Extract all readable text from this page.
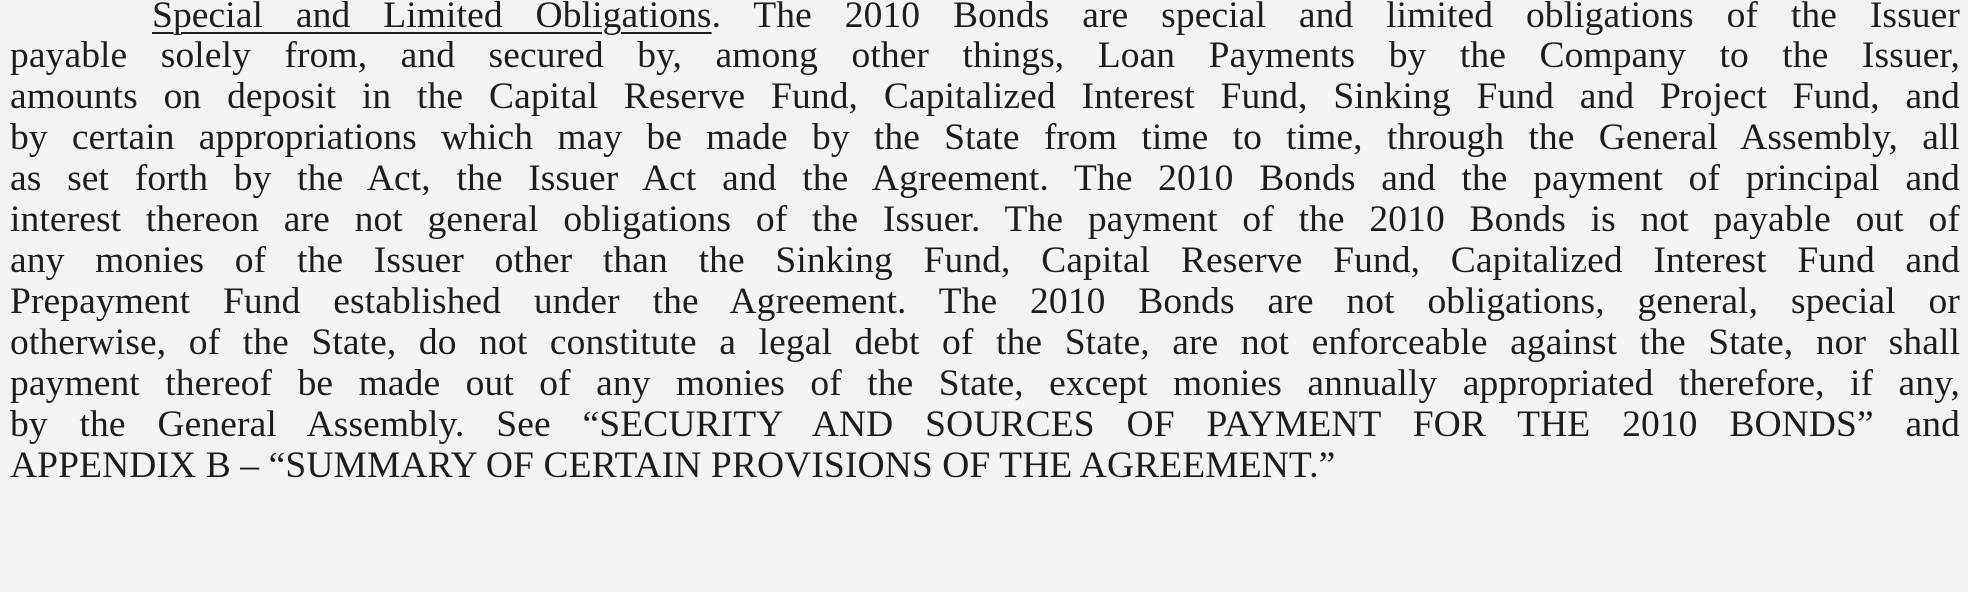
Special and Limited Obligations. The 2010 Bonds are special and limited obligations of the Issuer
payable solely from, and secured by, among other things, Loan Payments by the Company to the Issuer,
amounts on deposit in the Capital Reserve Fund, Capitalized Interest Fund, Sinking Fund and Project Fund, and
by certain appropriations which may be made by the State from time to time, through the General Assembly, all
as set forth by the Act, the Issuer Act and the Agreement. The 2010 Bonds and the payment of principal and
interest thereon are not general obligations of the Issuer. The payment of the 2010 Bonds is not payable out of
any monies of the Issuer other than the Sinking Fund, Capital Reserve Fund, Capitalized Interest Fund and
Prepayment Fund established under the Agreement. The 2010 Bonds are not obligations, general, special or
otherwise, of the State, do not constitute a legal debt of the State, are not enforceable against the State, nor shall
payment thereof be made out of any monies of the State, except monies annually appropriated therefore, if any,
by the General Assembly. See “SECURITY AND SOURCES OF PAYMENT FOR THE 2010 BONDS” and
APPENDIX B – “SUMMARY OF CERTAIN PROVISIONS OF THE AGREEMENT.”
